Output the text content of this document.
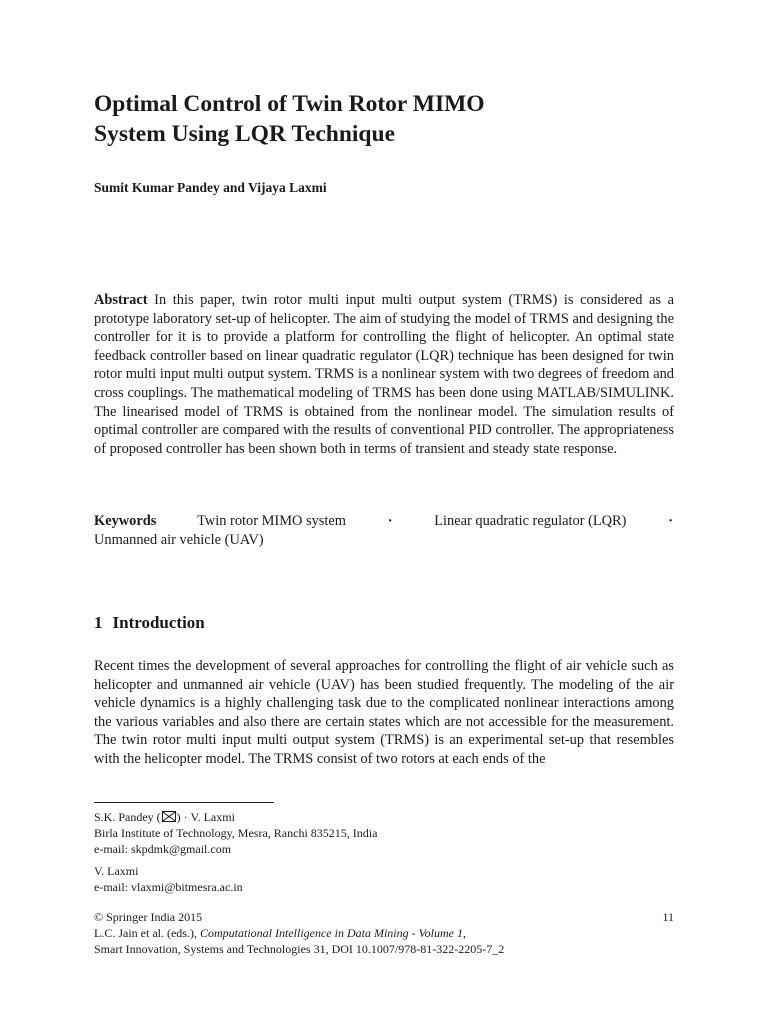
Optimal Control of Twin Rotor MIMO
System Using LQR Technique

Sumit Kumar Pandey and Vijaya Laxmi

Abstract In this paper, twin rotor multi input multi output system (TRMS) is considered as a prototype laboratory set-up of helicopter. The aim of studying the model of TRMS and designing the controller for it is to provide a platform for controlling the flight of helicopter. An optimal state feedback controller based on linear quadratic regulator (LQR) technique has been designed for twin rotor multi input multi output system. TRMS is a nonlinear system with two degrees of freedom and cross couplings. The mathematical modeling of TRMS has been done using MATLAB/SIMULINK. The linearised model of TRMS is obtained from the nonlinear model. The simulation results of optimal controller are compared with the results of conventional PID controller. The appropriateness of proposed controller has been shown both in terms of transient and steady state response.

Keywords	Twin rotor MIMO system	·	Linear quadratic regulator (LQR)	·
Unmanned air vehicle (UAV)
1 Introduction

Recent times the development of several approaches for controlling the flight of air vehicle such as helicopter and unmanned air vehicle (UAV) has been studied frequently. The modeling of the air vehicle dynamics is a highly challenging task due to the complicated nonlinear interactions among the various variables and also there are certain states which are not accessible for the measurement. The twin rotor multi input multi output system (TRMS) is an experimental set-up that resembles with the helicopter model. The TRMS consist of two rotors at each ends of the

S.K. Pandey ( ) · V. Laxmi
Birla Institute of Technology, Mesra, Ranchi 835215, India
e-mail: skpdmk@gmail.com

V. Laxmi
e-mail: vlaxmi@bitmesra.ac.in

© Springer India 2015	11
L.C. Jain et al. (eds.), Computational Intelligence in Data Mining - Volume 1,
Smart Innovation, Systems and Technologies 31, DOI 10.1007/978-81-322-2205-7_2
